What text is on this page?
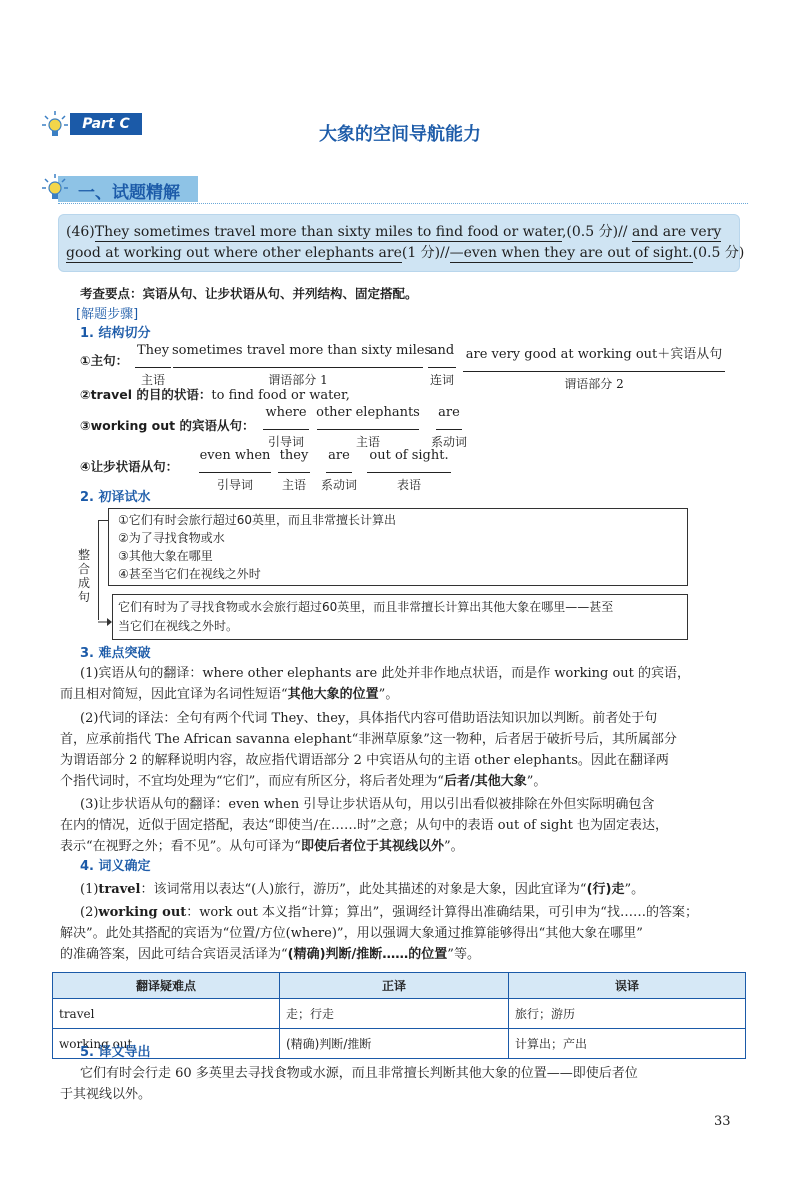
Part C	大象的空间导航能力
一、试题精解
(46)They sometimes travel more than sixty miles to find food or water,(0.5 分)// and are very
good at working out where other elephants are(1 分)//—even when they are out of sight.(0.5 分)
考查要点：宾语从句、让步状语从句、并列结构、固定搭配。
[解题步骤]
1. 结构切分
①主句：
They
主语
sometimes travel more than sixty miles
谓语部分 1
and
连词
are very good at working out＋宾语从句
谓语部分 2
②travel 的目的状语：to find food or water,
③working out 的宾语从句：
where
引导词
other elephants
主语
are
系动词
④让步状语从句：
even when
引导词
they
主语
are
系动词
out of sight.
表语
2. 初译试水
①它们有时会旅行超过60英里，而且非常擅长计算出
②为了寻找食物或水
③其他大象在哪里
④甚至当它们在视线之外时
整合成句
它们有时为了寻找食物或水会旅行超过60英里，而且非常擅长计算出其他大象在哪里——甚至
当它们在视线之外时。
3. 难点突破
(1)宾语从句的翻译：where other elephants are 此处并非作地点状语，而是作 working out 的宾语，
而且相对简短，因此宜译为名词性短语“其他大象的位置”。
(2)代词的译法：全句有两个代词 They、they，具体指代内容可借助语法知识加以判断。前者处于句
首，应承前指代 The African savanna elephant“非洲草原象”这一物种，后者居于破折号后，其所属部分
为谓语部分 2 的解释说明内容，故应指代谓语部分 2 中宾语从句的主语 other elephants。因此在翻译两
个指代词时，不宜均处理为“它们”，而应有所区分，将后者处理为“后者/其他大象”。
(3)让步状语从句的翻译：even when 引导让步状语从句，用以引出看似被排除在外但实际明确包含
在内的情况，近似于固定搭配，表达“即使当/在……时”之意；从句中的表语 out of sight 也为固定表达，
表示“在视野之外；看不见”。从句可译为“即使后者位于其视线以外”。
4. 词义确定
(1)travel：该词常用以表达“(人)旅行，游历”，此处其描述的对象是大象，因此宜译为“(行)走”。
(2)working out：work out 本义指“计算；算出”，强调经计算得出准确结果，可引申为“找……的答案；
解决”。此处其搭配的宾语为“位置/方位(where)”，用以强调大象通过推算能够得出“其他大象在哪里”
的准确答案，因此可结合宾语灵活译为“(精确)判断/推断……的位置”等。
翻译疑难点	正译	误译
travel	走；行走	旅行；游历
working out	(精确)判断/推断	计算出；产出
5. 译文导出
它们有时会行走 60 多英里去寻找食物或水源，而且非常擅长判断其他大象的位置——即使后者位
于其视线以外。
33
